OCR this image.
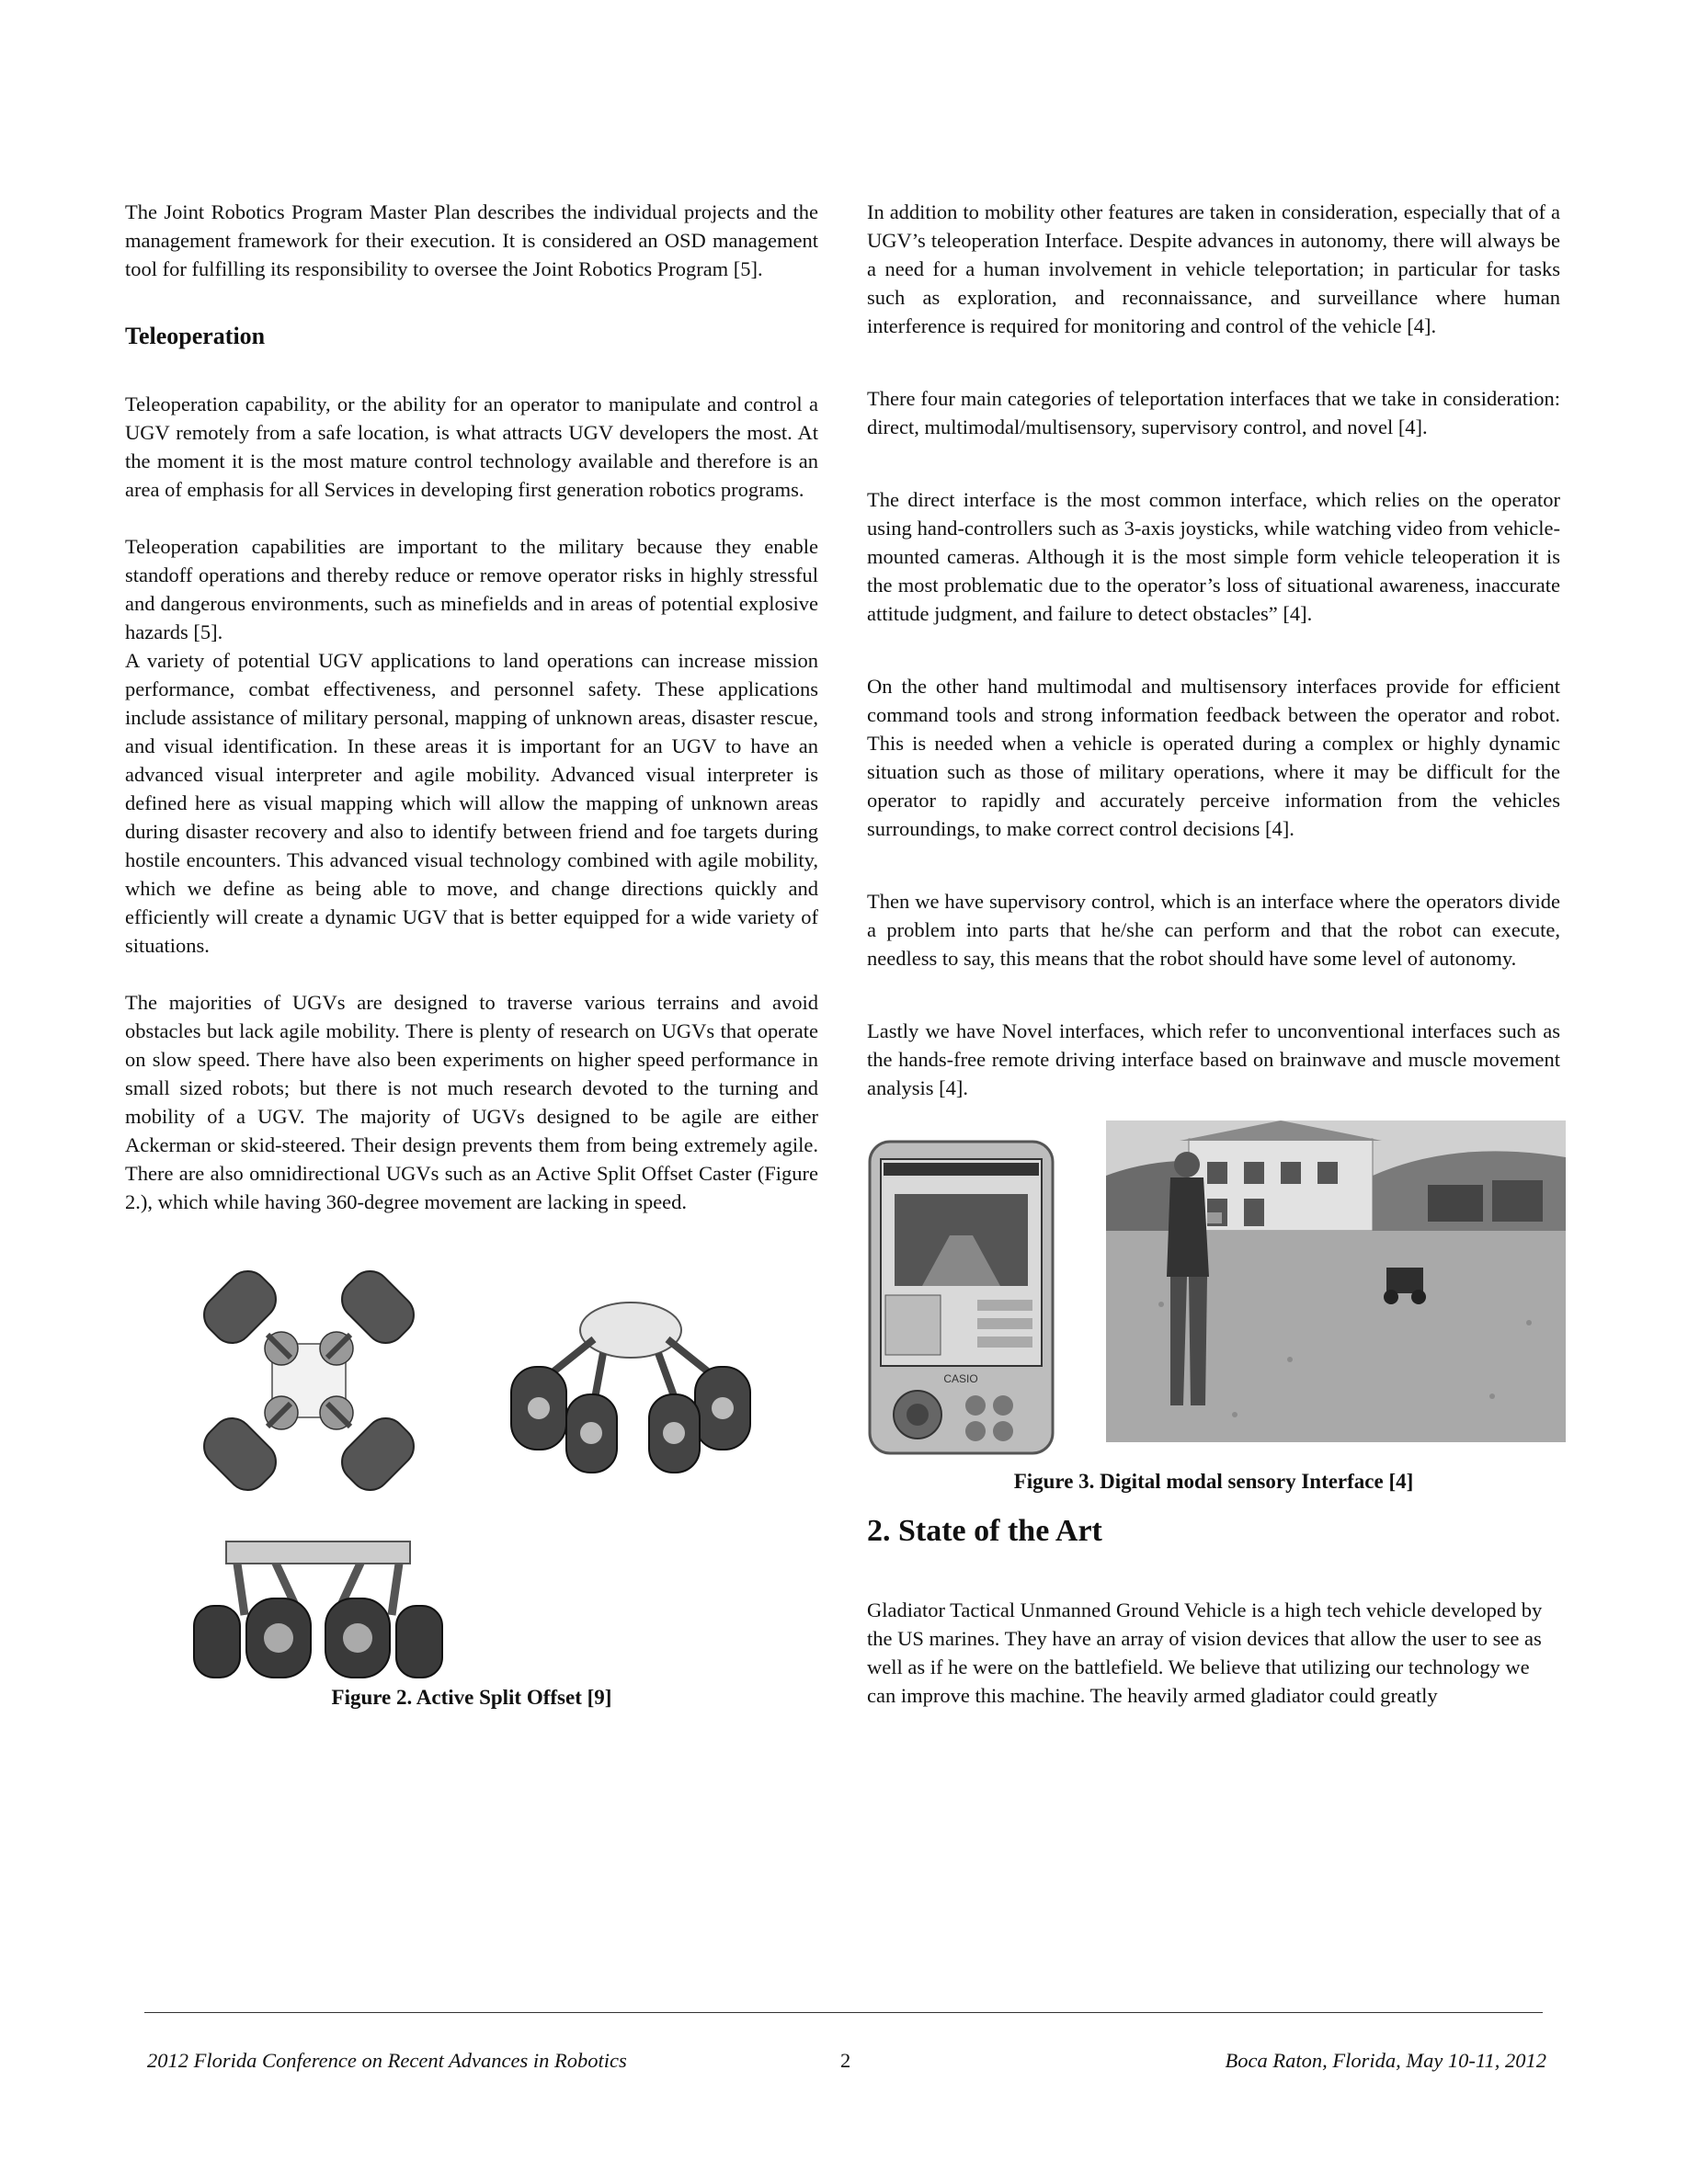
The Joint Robotics Program Master Plan describes the individual projects and the management framework for their execution. It is considered an OSD management tool for fulfilling its responsibility to oversee the Joint Robotics Program [5].

Teleoperation

Teleoperation capability, or the ability for an operator to manipulate and control a UGV remotely from a safe location, is what attracts UGV developers the most. At the moment it is the most mature control technology available and therefore is an area of emphasis for all Services in developing first generation robotics programs.

Teleoperation capabilities are important to the military because they enable standoff operations and thereby reduce or remove operator risks in highly stressful and dangerous environments, such as minefields and in areas of potential explosive hazards [5].

A variety of potential UGV applications to land operations can increase mission performance, combat effectiveness, and personnel safety. These applications include assistance of military personal, mapping of unknown areas, disaster rescue, and visual identification. In these areas it is important for an UGV to have an advanced visual interpreter and agile mobility. Advanced visual interpreter is defined here as visual mapping which will allow the mapping of unknown areas during disaster recovery and also to identify between friend and foe targets during hostile encounters. This advanced visual technology combined with agile mobility, which we define as being able to move, and change directions quickly and efficiently will create a dynamic UGV that is better equipped for a wide variety of situations.

The majorities of UGVs are designed to traverse various terrains and avoid obstacles but lack agile mobility. There is plenty of research on UGVs that operate on slow speed. There have also been experiments on higher speed performance in small sized robots; but there is not much research devoted to the turning and mobility of a UGV. The majority of UGVs designed to be agile are either Ackerman or skid-steered. Their design prevents them from being extremely agile. There are also omnidirectional UGVs such as an Active Split Offset Caster (Figure 2.), which while having 360-degree movement are lacking in speed.

Figure 2. Active Split Offset [9]

In addition to mobility other features are taken in consideration, especially that of a UGV’s teleoperation Interface. Despite advances in autonomy, there will always be a need for a human involvement in vehicle teleportation; in particular for tasks such as exploration, and reconnaissance, and surveillance where human interference is required for monitoring and control of the vehicle [4].

There four main categories of teleportation interfaces that we take in consideration: direct, multimodal/multisensory, supervisory control, and novel [4].

The direct interface is the most common interface, which relies on the operator using hand-controllers such as 3-axis joysticks, while watching video from vehicle-mounted cameras. Although it is the most simple form vehicle teleoperation it is the most problematic due to the operator’s loss of situational awareness, inaccurate attitude judgment, and failure to detect obstacles” [4].

On the other hand multimodal and multisensory interfaces provide for efficient command tools and strong information feedback between the operator and robot. This is needed when a vehicle is operated during a complex or highly dynamic situation such as those of military operations, where it may be difficult for the operator to rapidly and accurately perceive information from the vehicles surroundings, to make correct control decisions [4].

Then we have supervisory control, which is an interface where the operators divide a problem into parts that he/she can perform and that the robot can execute, needless to say, this means that the robot should have some level of autonomy.

Lastly we have Novel interfaces, which refer to unconventional interfaces such as the hands-free remote driving interface based on brainwave and muscle movement analysis [4].

CASIO
Figure 3. Digital modal sensory Interface [4]
2. State of the Art

Gladiator Tactical Unmanned Ground Vehicle is a high tech vehicle developed by the US marines. They have an array of vision devices that allow the user to see as well as if he were on the battlefield. We believe that utilizing our technology we can improve this machine. The heavily armed gladiator could greatly

2012 Florida Conference on Recent Advances in Robotics	2	Boca Raton, Florida, May 10-11, 2012
